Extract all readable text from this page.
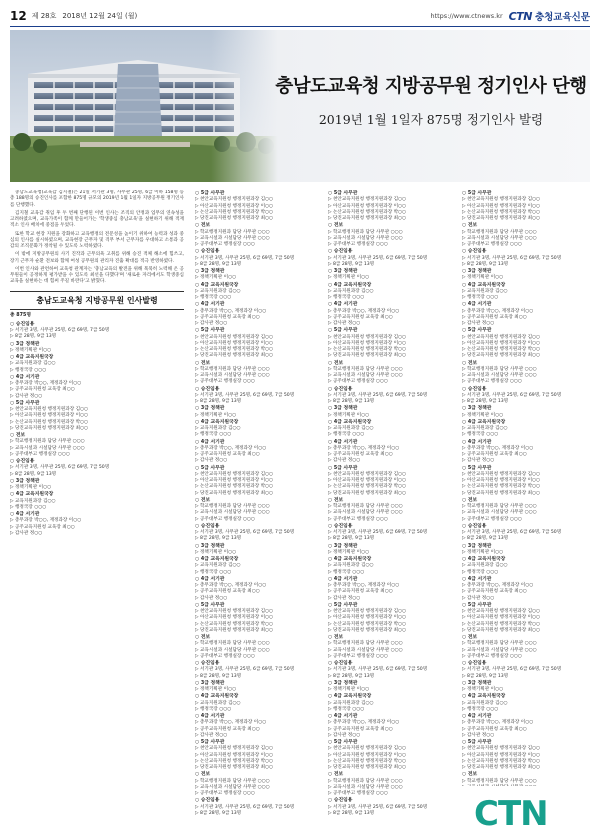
12 제 28호 2018년 12월 24일 (월)	https://www.ctnews.kr CTN 충청교육신문
충남도교육청 지방공무원 정기인사 단행
2019년 1월 1일자 875명 정기인사 발령

충남도교육청(교육감 김지철)은 21일 서기관 3명, 사무관 25명, 6급 이하 158명 등 총 188명의 승진인사를 포함한 875명 규모의 2019년 1월 1일자 지방공무원 정기인사를 단행했다.

김지철 교육감 취임 후 두 번째 단행된 이번 인사는 조직의 안정과 업무의 연속성을 고려하였으며, 교육가족이 함께 만들어가는 '학생중심 충남교육'을 실현하기 위해 적재적소 인사 배치에 중점을 두었다.

또한 학교 현장 지원을 강화하고 교육행정의 전문성을 높이기 위하여 능력과 성과 중심의 인사를 실시하였으며, 교육현장 근무자 및 격무 부서 근무자를 우대하고 소통과 공감의 조직문화가 정착될 수 있도록 노력하였다.

이 밖에 지방공무원의 사기 진작과 근무의욕 고취를 위해 승진 적체 해소에 힘쓰고, 장기 근무자 순환 전보와 함께 여성 공무원의 관리자 진출 확대를 적극 반영하였다.

이번 인사와 관련하여 교육청 관계자는 '충남교육의 발전을 위해 묵묵히 노력해 온 공무원들이 공정하게 평가받을 수 있도록 최선을 다했다'며 '새로운 자리에서도 학생중심 교육을 실현하는 데 힘써 주길 바란다'고 밝혔다.

충남도교육청 지방공무원 인사발령
총 875명
○ 승진임용
▷ 서기관 3명, 사무관 25명, 6급 69명, 7급 50명
▷ 8급 28명, 9급 13명
○ 3급 정책관
▷ 정책기획관 이○○
○ 4급 교육지원국장
▷ 교육지원과장 김○○
▷ 행정국장 ○○○
○ 4급 서기관
▷ 총무과장 박○○, 재정과장 이○○
▷ 공주교육지원청 교육장 최○○
▷ 감사관 정○○
○ 5급 사무관
▷ 천안교육지원청 행정지원과장 김○○
▷ 아산교육지원청 행정지원과장 이○○
▷ 논산교육지원청 행정지원과장 박○○
▷ 당진교육지원청 행정지원과장 최○○
○ 전보
▷ 학교행정지원과 담당 사무관 ○○○
▷ 교육시설과 시설담당 사무관 ○○○
▷ 공주대부고 행정실장 ○○○
○ 승진임용
▷ 서기관 3명, 사무관 25명, 6급 69명, 7급 50명
▷ 8급 28명, 9급 13명
○ 3급 정책관
▷ 정책기획관 이○○
○ 4급 교육지원국장
▷ 교육지원과장 김○○
▷ 행정국장 ○○○
○ 4급 서기관
▷ 총무과장 박○○, 재정과장 이○○
▷ 공주교육지원청 교육장 최○○
▷ 감사관 정○○
○ 5급 사무관
▷ 천안교육지원청 행정지원과장 김○○
▷ 아산교육지원청 행정지원과장 이○○
▷ 논산교육지원청 행정지원과장 박○○
▷ 당진교육지원청 행정지원과장 최○○
○ 전보
▷ 학교행정지원과 담당 사무관 ○○○
▷ 교육시설과 시설담당 사무관 ○○○
▷ 공주대부고 행정실장 ○○○
○ 승진임용
▷ 서기관 3명, 사무관 25명, 6급 69명, 7급 50명
▷ 8급 28명, 9급 13명
○ 3급 정책관
▷ 정책기획관 이○○
○ 4급 교육지원국장
▷ 교육지원과장 김○○
▷ 행정국장 ○○○
○ 4급 서기관
▷ 총무과장 박○○, 재정과장 이○○
▷ 공주교육지원청 교육장 최○○
▷ 감사관 정○○
○ 5급 사무관
▷ 천안교육지원청 행정지원과장 김○○
▷ 아산교육지원청 행정지원과장 이○○
▷ 논산교육지원청 행정지원과장 박○○
▷ 당진교육지원청 행정지원과장 최○○
○ 전보
▷ 학교행정지원과 담당 사무관 ○○○
▷ 교육시설과 시설담당 사무관 ○○○
▷ 공주대부고 행정실장 ○○○
○ 승진임용
▷ 서기관 3명, 사무관 25명, 6급 69명, 7급 50명
▷ 8급 28명, 9급 13명
○ 3급 정책관
▷ 정책기획관 이○○
○ 4급 교육지원국장
▷ 교육지원과장 김○○
▷ 행정국장 ○○○
○ 4급 서기관
▷ 총무과장 박○○, 재정과장 이○○
▷ 공주교육지원청 교육장 최○○
▷ 감사관 정○○
○ 5급 사무관
▷ 천안교육지원청 행정지원과장 김○○
▷ 아산교육지원청 행정지원과장 이○○
▷ 논산교육지원청 행정지원과장 박○○
▷ 당진교육지원청 행정지원과장 최○○
○ 전보
▷ 학교행정지원과 담당 사무관 ○○○
▷ 교육시설과 시설담당 사무관 ○○○
▷ 공주대부고 행정실장 ○○○
○ 승진임용
▷ 서기관 3명, 사무관 25명, 6급 69명, 7급 50명
▷ 8급 28명, 9급 13명
○ 3급 정책관
▷ 정책기획관 이○○
○ 4급 교육지원국장
▷ 교육지원과장 김○○
▷ 행정국장 ○○○
○ 4급 서기관
▷ 총무과장 박○○, 재정과장 이○○
▷ 공주교육지원청 교육장 최○○
▷ 감사관 정○○
○ 5급 사무관
▷ 천안교육지원청 행정지원과장 김○○
▷ 아산교육지원청 행정지원과장 이○○
▷ 논산교육지원청 행정지원과장 박○○
▷ 당진교육지원청 행정지원과장 최○○
○ 전보
▷ 학교행정지원과 담당 사무관 ○○○
▷ 교육시설과 시설담당 사무관 ○○○
▷ 공주대부고 행정실장 ○○○
○ 승진임용
▷ 서기관 3명, 사무관 25명, 6급 69명, 7급 50명
▷ 8급 28명, 9급 13명
○ 3급 정책관
▷ 정책기획관 이○○
○ 4급 교육지원국장
▷ 교육지원과장 김○○
▷ 행정국장 ○○○
○ 4급 서기관
▷ 총무과장 박○○, 재정과장 이○○
▷ 공주교육지원청 교육장 최○○
▷ 감사관 정○○
○ 5급 사무관
▷ 천안교육지원청 행정지원과장 김○○
▷ 아산교육지원청 행정지원과장 이○○
▷ 논산교육지원청 행정지원과장 박○○
▷ 당진교육지원청 행정지원과장 최○○
○ 전보
▷ 학교행정지원과 담당 사무관 ○○○
▷ 교육시설과 시설담당 사무관 ○○○
▷ 공주대부고 행정실장 ○○○
○ 승진임용
▷ 서기관 3명, 사무관 25명, 6급 69명, 7급 50명
▷ 8급 28명, 9급 13명
○ 5급 사무관
▷ 천안교육지원청 행정지원과장 김○○
▷ 아산교육지원청 행정지원과장 이○○
▷ 논산교육지원청 행정지원과장 박○○
▷ 당진교육지원청 행정지원과장 최○○
○ 전보
▷ 학교행정지원과 담당 사무관 ○○○
▷ 교육시설과 시설담당 사무관 ○○○
▷ 공주대부고 행정실장 ○○○
○ 승진임용
▷ 서기관 3명, 사무관 25명, 6급 69명, 7급 50명
▷ 8급 28명, 9급 13명
○ 3급 정책관
▷ 정책기획관 이○○
○ 4급 교육지원국장
▷ 교육지원과장 김○○
▷ 행정국장 ○○○
○ 4급 서기관
▷ 총무과장 박○○, 재정과장 이○○
▷ 공주교육지원청 교육장 최○○
▷ 감사관 정○○
○ 5급 사무관
▷ 천안교육지원청 행정지원과장 김○○
▷ 아산교육지원청 행정지원과장 이○○
▷ 논산교육지원청 행정지원과장 박○○
▷ 당진교육지원청 행정지원과장 최○○
○ 전보
▷ 학교행정지원과 담당 사무관 ○○○
▷ 교육시설과 시설담당 사무관 ○○○
▷ 공주대부고 행정실장 ○○○
○ 승진임용
▷ 서기관 3명, 사무관 25명, 6급 69명, 7급 50명
▷ 8급 28명, 9급 13명
○ 3급 정책관
▷ 정책기획관 이○○
○ 4급 교육지원국장
▷ 교육지원과장 김○○
▷ 행정국장 ○○○
○ 4급 서기관
▷ 총무과장 박○○, 재정과장 이○○
▷ 공주교육지원청 교육장 최○○
▷ 감사관 정○○
○ 5급 사무관
▷ 천안교육지원청 행정지원과장 김○○
▷ 아산교육지원청 행정지원과장 이○○
▷ 논산교육지원청 행정지원과장 박○○
▷ 당진교육지원청 행정지원과장 최○○
○ 전보
▷ 학교행정지원과 담당 사무관 ○○○
▷ 교육시설과 시설담당 사무관 ○○○
▷ 공주대부고 행정실장 ○○○
○ 승진임용
▷ 서기관 3명, 사무관 25명, 6급 69명, 7급 50명
▷ 8급 28명, 9급 13명
○ 3급 정책관
▷ 정책기획관 이○○
○ 4급 교육지원국장
▷ 교육지원과장 김○○
▷ 행정국장 ○○○
○ 4급 서기관
▷ 총무과장 박○○, 재정과장 이○○
▷ 공주교육지원청 교육장 최○○
▷ 감사관 정○○
○ 5급 사무관
▷ 천안교육지원청 행정지원과장 김○○
▷ 아산교육지원청 행정지원과장 이○○
▷ 논산교육지원청 행정지원과장 박○○
▷ 당진교육지원청 행정지원과장 최○○
○ 전보
▷ 학교행정지원과 담당 사무관 ○○○
▷ 교육시설과 시설담당 사무관 ○○○
▷ 공주대부고 행정실장 ○○○
○ 승진임용
▷ 서기관 3명, 사무관 25명, 6급 69명, 7급 50명
▷ 8급 28명, 9급 13명
○ 3급 정책관
▷ 정책기획관 이○○
○ 4급 교육지원국장
▷ 교육지원과장 김○○
▷ 행정국장 ○○○
○ 4급 서기관
▷ 총무과장 박○○, 재정과장 이○○
▷ 공주교육지원청 교육장 최○○
▷ 감사관 정○○
○ 5급 사무관
▷ 천안교육지원청 행정지원과장 김○○
▷ 아산교육지원청 행정지원과장 이○○
▷ 논산교육지원청 행정지원과장 박○○
▷ 당진교육지원청 행정지원과장 최○○
○ 전보
▷ 학교행정지원과 담당 사무관 ○○○
▷ 교육시설과 시설담당 사무관 ○○○
▷ 공주대부고 행정실장 ○○○
○ 승진임용
▷ 서기관 3명, 사무관 25명, 6급 69명, 7급 50명
▷ 8급 28명, 9급 13명
○ 5급 사무관
▷ 천안교육지원청 행정지원과장 김○○
▷ 아산교육지원청 행정지원과장 이○○
▷ 논산교육지원청 행정지원과장 박○○
▷ 당진교육지원청 행정지원과장 최○○
○ 전보
▷ 학교행정지원과 담당 사무관 ○○○
▷ 교육시설과 시설담당 사무관 ○○○
▷ 공주대부고 행정실장 ○○○
○ 승진임용
▷ 서기관 3명, 사무관 25명, 6급 69명, 7급 50명
▷ 8급 28명, 9급 13명
○ 3급 정책관
▷ 정책기획관 이○○
○ 4급 교육지원국장
▷ 교육지원과장 김○○
▷ 행정국장 ○○○
○ 4급 서기관
▷ 총무과장 박○○, 재정과장 이○○
▷ 공주교육지원청 교육장 최○○
▷ 감사관 정○○
○ 5급 사무관
▷ 천안교육지원청 행정지원과장 김○○
▷ 아산교육지원청 행정지원과장 이○○
▷ 논산교육지원청 행정지원과장 박○○
▷ 당진교육지원청 행정지원과장 최○○
○ 전보
▷ 학교행정지원과 담당 사무관 ○○○
▷ 교육시설과 시설담당 사무관 ○○○
▷ 공주대부고 행정실장 ○○○
○ 승진임용
▷ 서기관 3명, 사무관 25명, 6급 69명, 7급 50명
▷ 8급 28명, 9급 13명
○ 3급 정책관
▷ 정책기획관 이○○
○ 4급 교육지원국장
▷ 교육지원과장 김○○
▷ 행정국장 ○○○
○ 4급 서기관
▷ 총무과장 박○○, 재정과장 이○○
▷ 공주교육지원청 교육장 최○○
▷ 감사관 정○○
○ 5급 사무관
▷ 천안교육지원청 행정지원과장 김○○
▷ 아산교육지원청 행정지원과장 이○○
▷ 논산교육지원청 행정지원과장 박○○
▷ 당진교육지원청 행정지원과장 최○○
○ 전보
▷ 학교행정지원과 담당 사무관 ○○○
▷ 교육시설과 시설담당 사무관 ○○○
▷ 공주대부고 행정실장 ○○○
○ 승진임용
▷ 서기관 3명, 사무관 25명, 6급 69명, 7급 50명
▷ 8급 28명, 9급 13명
○ 3급 정책관
▷ 정책기획관 이○○
○ 4급 교육지원국장
▷ 교육지원과장 김○○
▷ 행정국장 ○○○
○ 4급 서기관
▷ 총무과장 박○○, 재정과장 이○○
▷ 공주교육지원청 교육장 최○○
▷ 감사관 정○○
○ 5급 사무관
▷ 천안교육지원청 행정지원과장 김○○
▷ 아산교육지원청 행정지원과장 이○○
▷ 논산교육지원청 행정지원과장 박○○
▷ 당진교육지원청 행정지원과장 최○○
○ 전보
▷ 학교행정지원과 담당 사무관 ○○○
▷ 교육시설과 시설담당 사무관 ○○○
▷ 공주대부고 행정실장 ○○○
○ 승진임용
▷ 서기관 3명, 사무관 25명, 6급 69명, 7급 50명
▷ 8급 28명, 9급 13명
○ 3급 정책관
▷ 정책기획관 이○○
○ 4급 교육지원국장
▷ 교육지원과장 김○○
▷ 행정국장 ○○○
○ 4급 서기관
▷ 총무과장 박○○, 재정과장 이○○
▷ 공주교육지원청 교육장 최○○
▷ 감사관 정○○
○ 5급 사무관
▷ 천안교육지원청 행정지원과장 김○○
▷ 아산교육지원청 행정지원과장 이○○
▷ 논산교육지원청 행정지원과장 박○○
▷ 당진교육지원청 행정지원과장 최○○
○ 전보
▷ 학교행정지원과 담당 사무관 ○○○
CTN
